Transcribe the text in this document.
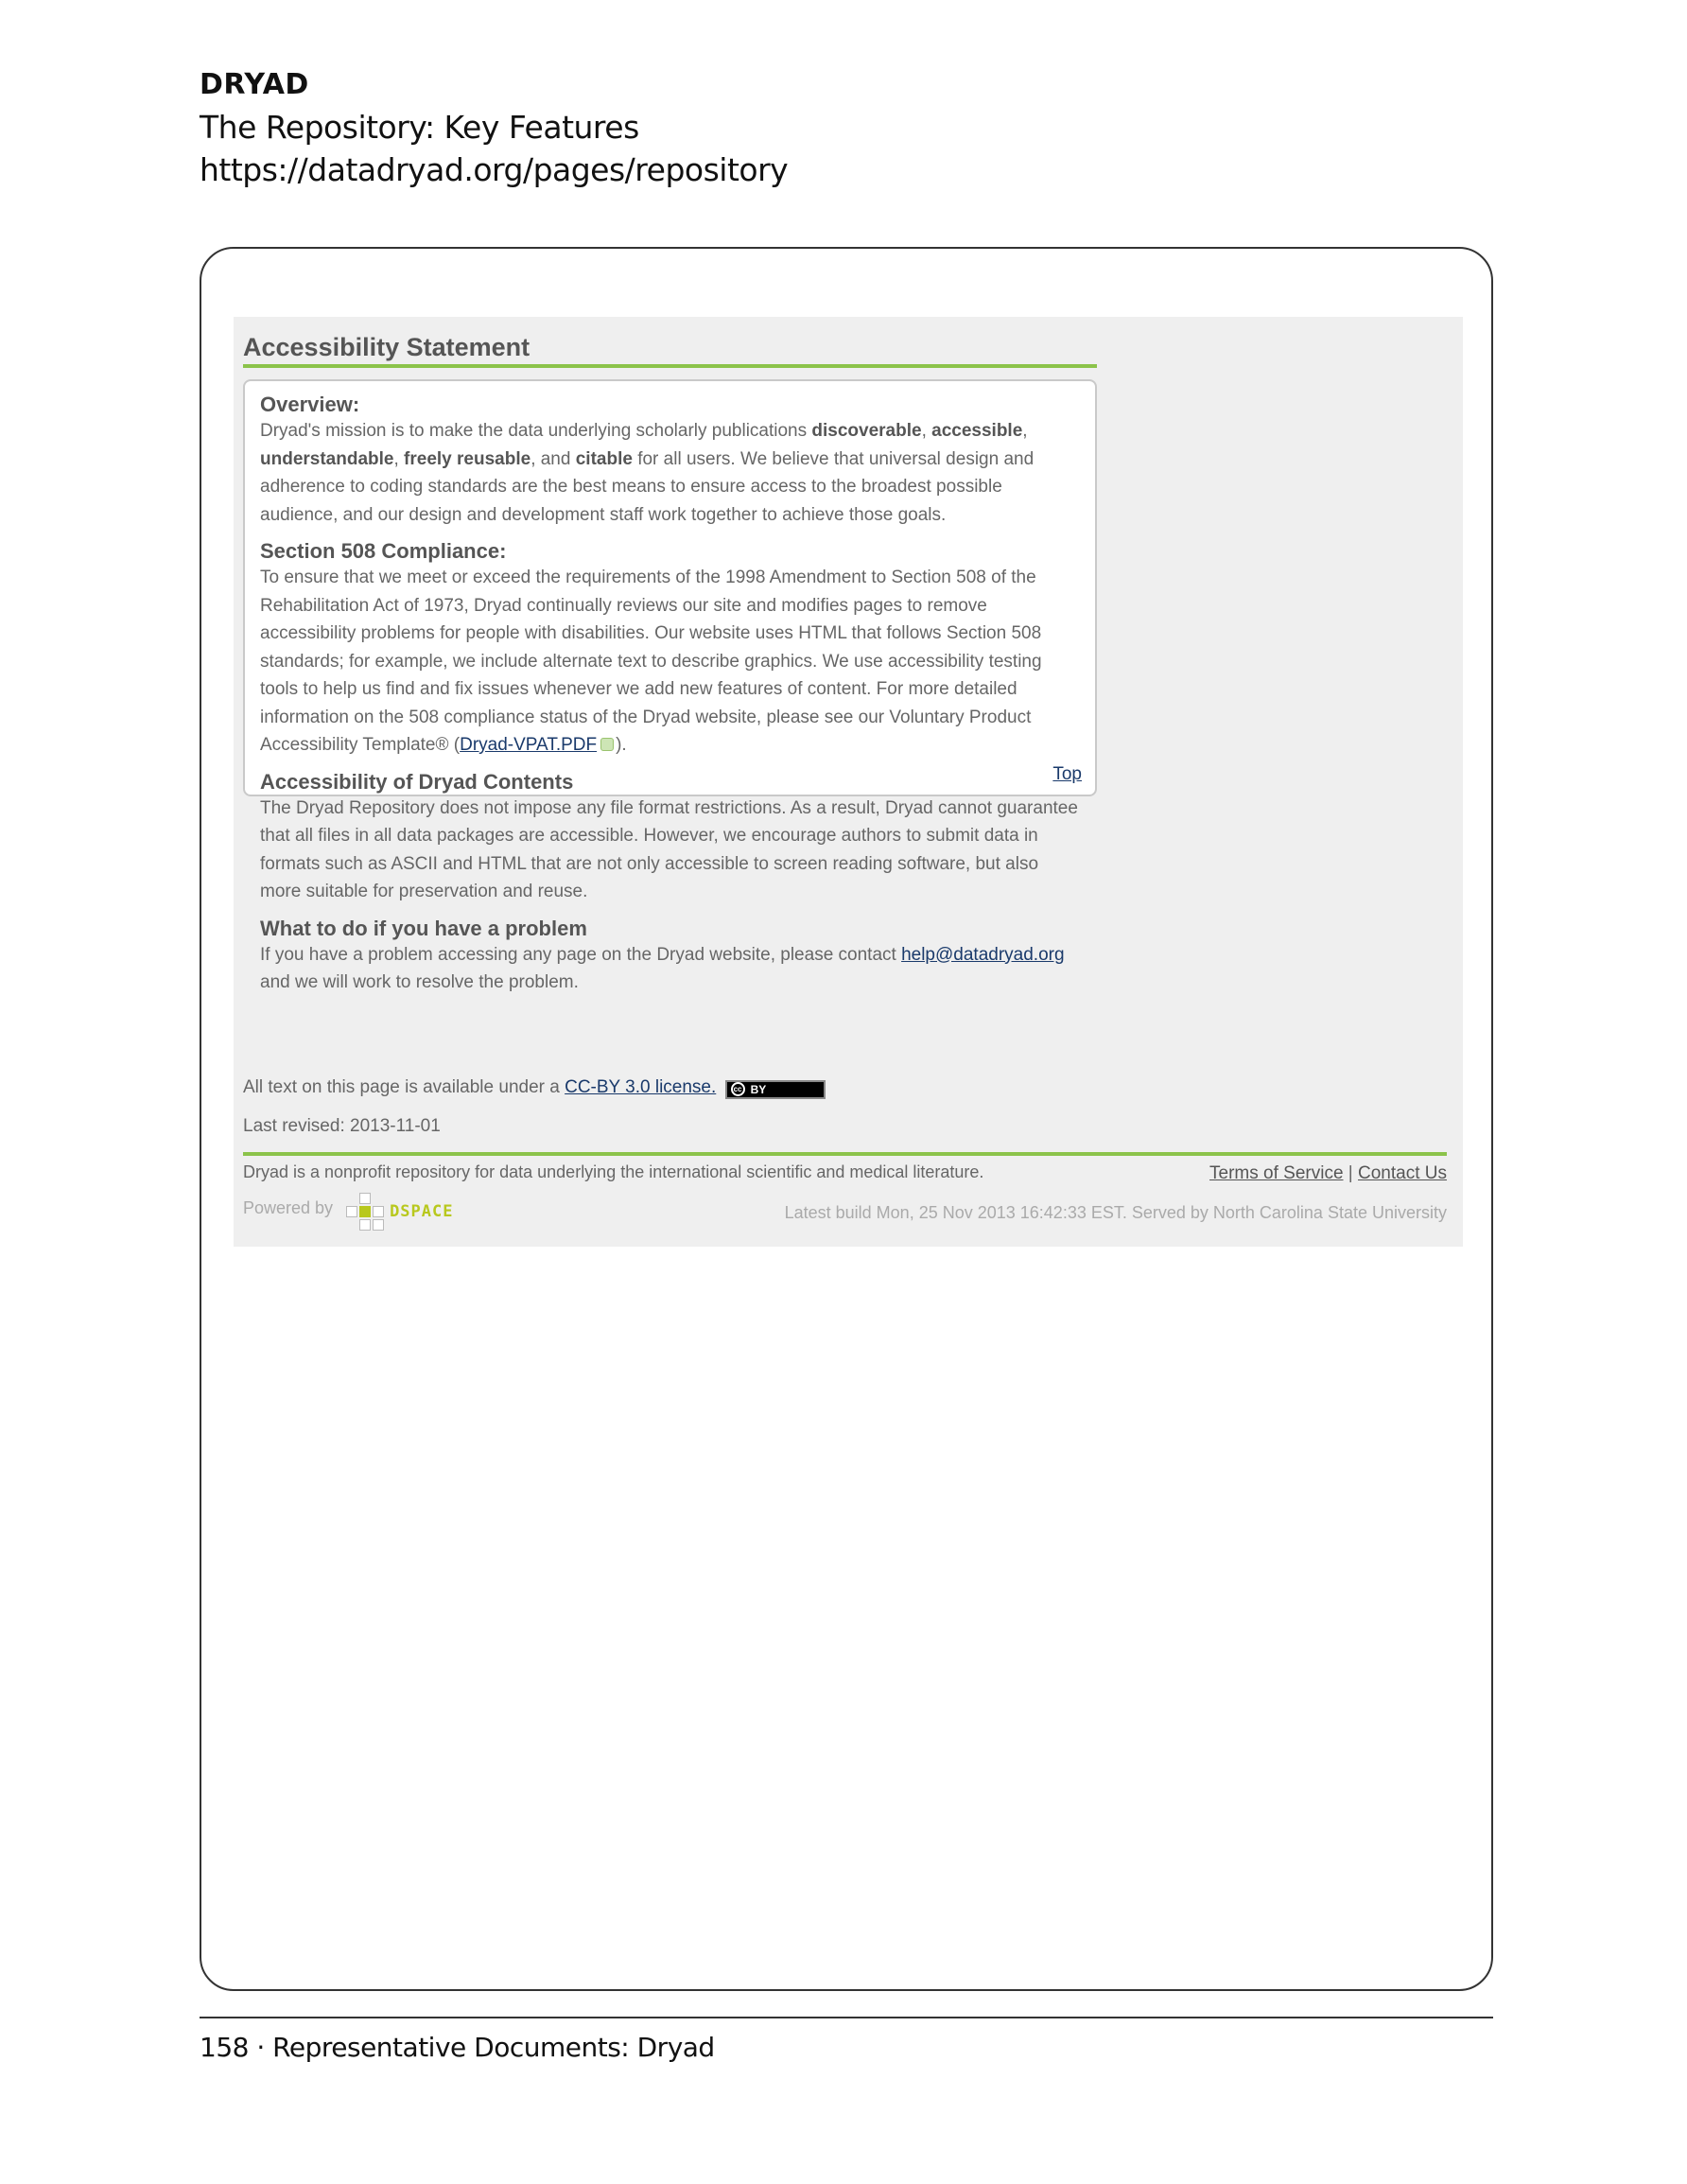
DRYAD
The Repository: Key Features
https://datadryad.org/pages/repository
Accessibility Statement

Overview:

Dryad's mission is to make the data underlying scholarly publications discoverable, accessible, understandable, freely reusable, and citable for all users. We believe that universal design and adherence to coding standards are the best means to ensure access to the broadest possible audience, and our design and development staff work together to achieve those goals.

Section 508 Compliance:

To ensure that we meet or exceed the requirements of the 1998 Amendment to Section 508 of the Rehabilitation Act of 1973, Dryad continually reviews our site and modifies pages to remove accessibility problems for people with disabilities. Our website uses HTML that follows Section 508 standards; for example, we include alternate text to describe graphics. We use accessibility testing tools to help us find and fix issues whenever we add new features of content. For more detailed information on the 508 compliance status of the Dryad website, please see our Voluntary Product Accessibility Template® (Dryad-VPAT.PDF ).

Accessibility of Dryad Contents

The Dryad Repository does not impose any file format restrictions. As a result, Dryad cannot guarantee that all files in all data packages are accessible. However, we encourage authors to submit data in formats such as ASCII and HTML that are not only accessible to screen reading software, but also more suitable for preservation and reuse.

What to do if you have a problem

If you have a problem accessing any page on the Dryad website, please contact help@datadryad.org and we will work to resolve the problem.

Top
All text on this page is available under a CC-BY 3.0 license.	cc BY
Last revised: 2013-11-01
Dryad is a nonprofit repository for data underlying the international scientific and medical literature.	Terms of Service | Contact Us
Powered by	DSPACE	Latest build Mon, 25 Nov 2013 16:42:33 EST. Served by North Carolina State University
158 · Representative Documents: Dryad
